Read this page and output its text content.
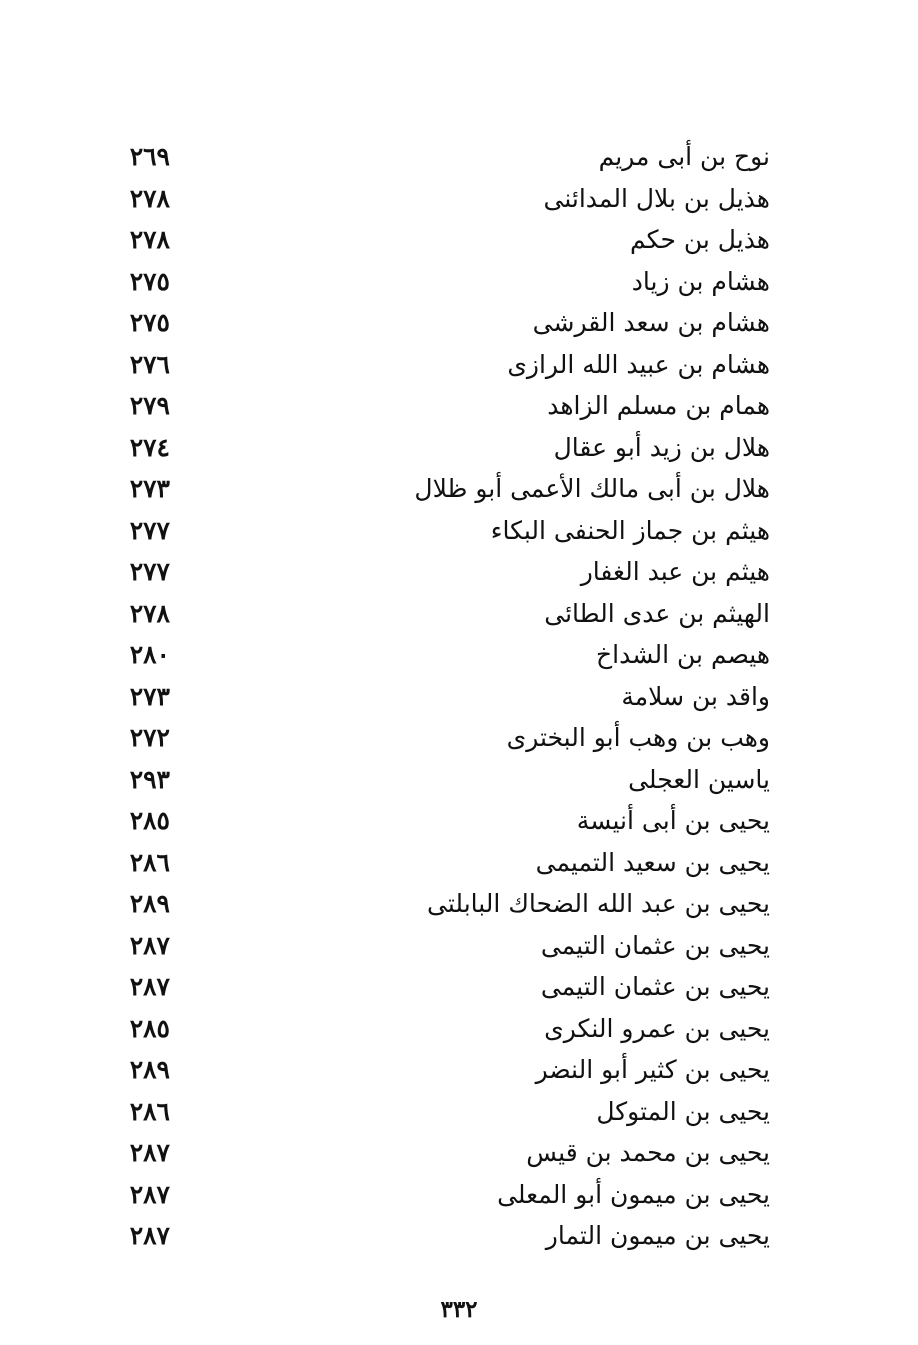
٢٦٩	نوح بن أبى مريم
٢٧٨	هذيل بن بلال المدائنى
٢٧٨	هذيل بن حكم
٢٧٥	هشام بن زياد
٢٧٥	هشام بن سعد القرشى
٢٧٦	هشام بن عبيد الله الرازى
٢٧٩	همام بن مسلم الزاهد
٢٧٤	هلال بن زيد أبو عقال
٢٧٣	هلال بن أبى مالك الأعمى أبو ظلال
٢٧٧	هيثم بن جماز الحنفى البكاء
٢٧٧	هيثم بن عبد الغفار
٢٧٨	الهيثم بن عدى الطائى
٢٨٠	هيصم بن الشداخ
٢٧٣	واقد بن سلامة
٢٧٢	وهب بن وهب أبو البخترى
٢٩٣	ياسين العجلى
٢٨٥	يحيى بن أبى أنيسة
٢٨٦	يحيى بن سعيد التميمى
٢٨٩	يحيى بن عبد الله الضحاك البابلتى
٢٨٧	يحيى بن عثمان التيمى
٢٨٧	يحيى بن عثمان التيمى
٢٨٥	يحيى بن عمرو النكرى
٢٨٩	يحيى بن كثير أبو النضر
٢٨٦	يحيى بن المتوكل
٢٨٧	يحيى بن محمد بن قيس
٢٨٧	يحيى بن ميمون أبو المعلى
٢٨٧	يحيى بن ميمون التمار
٣٣٢
